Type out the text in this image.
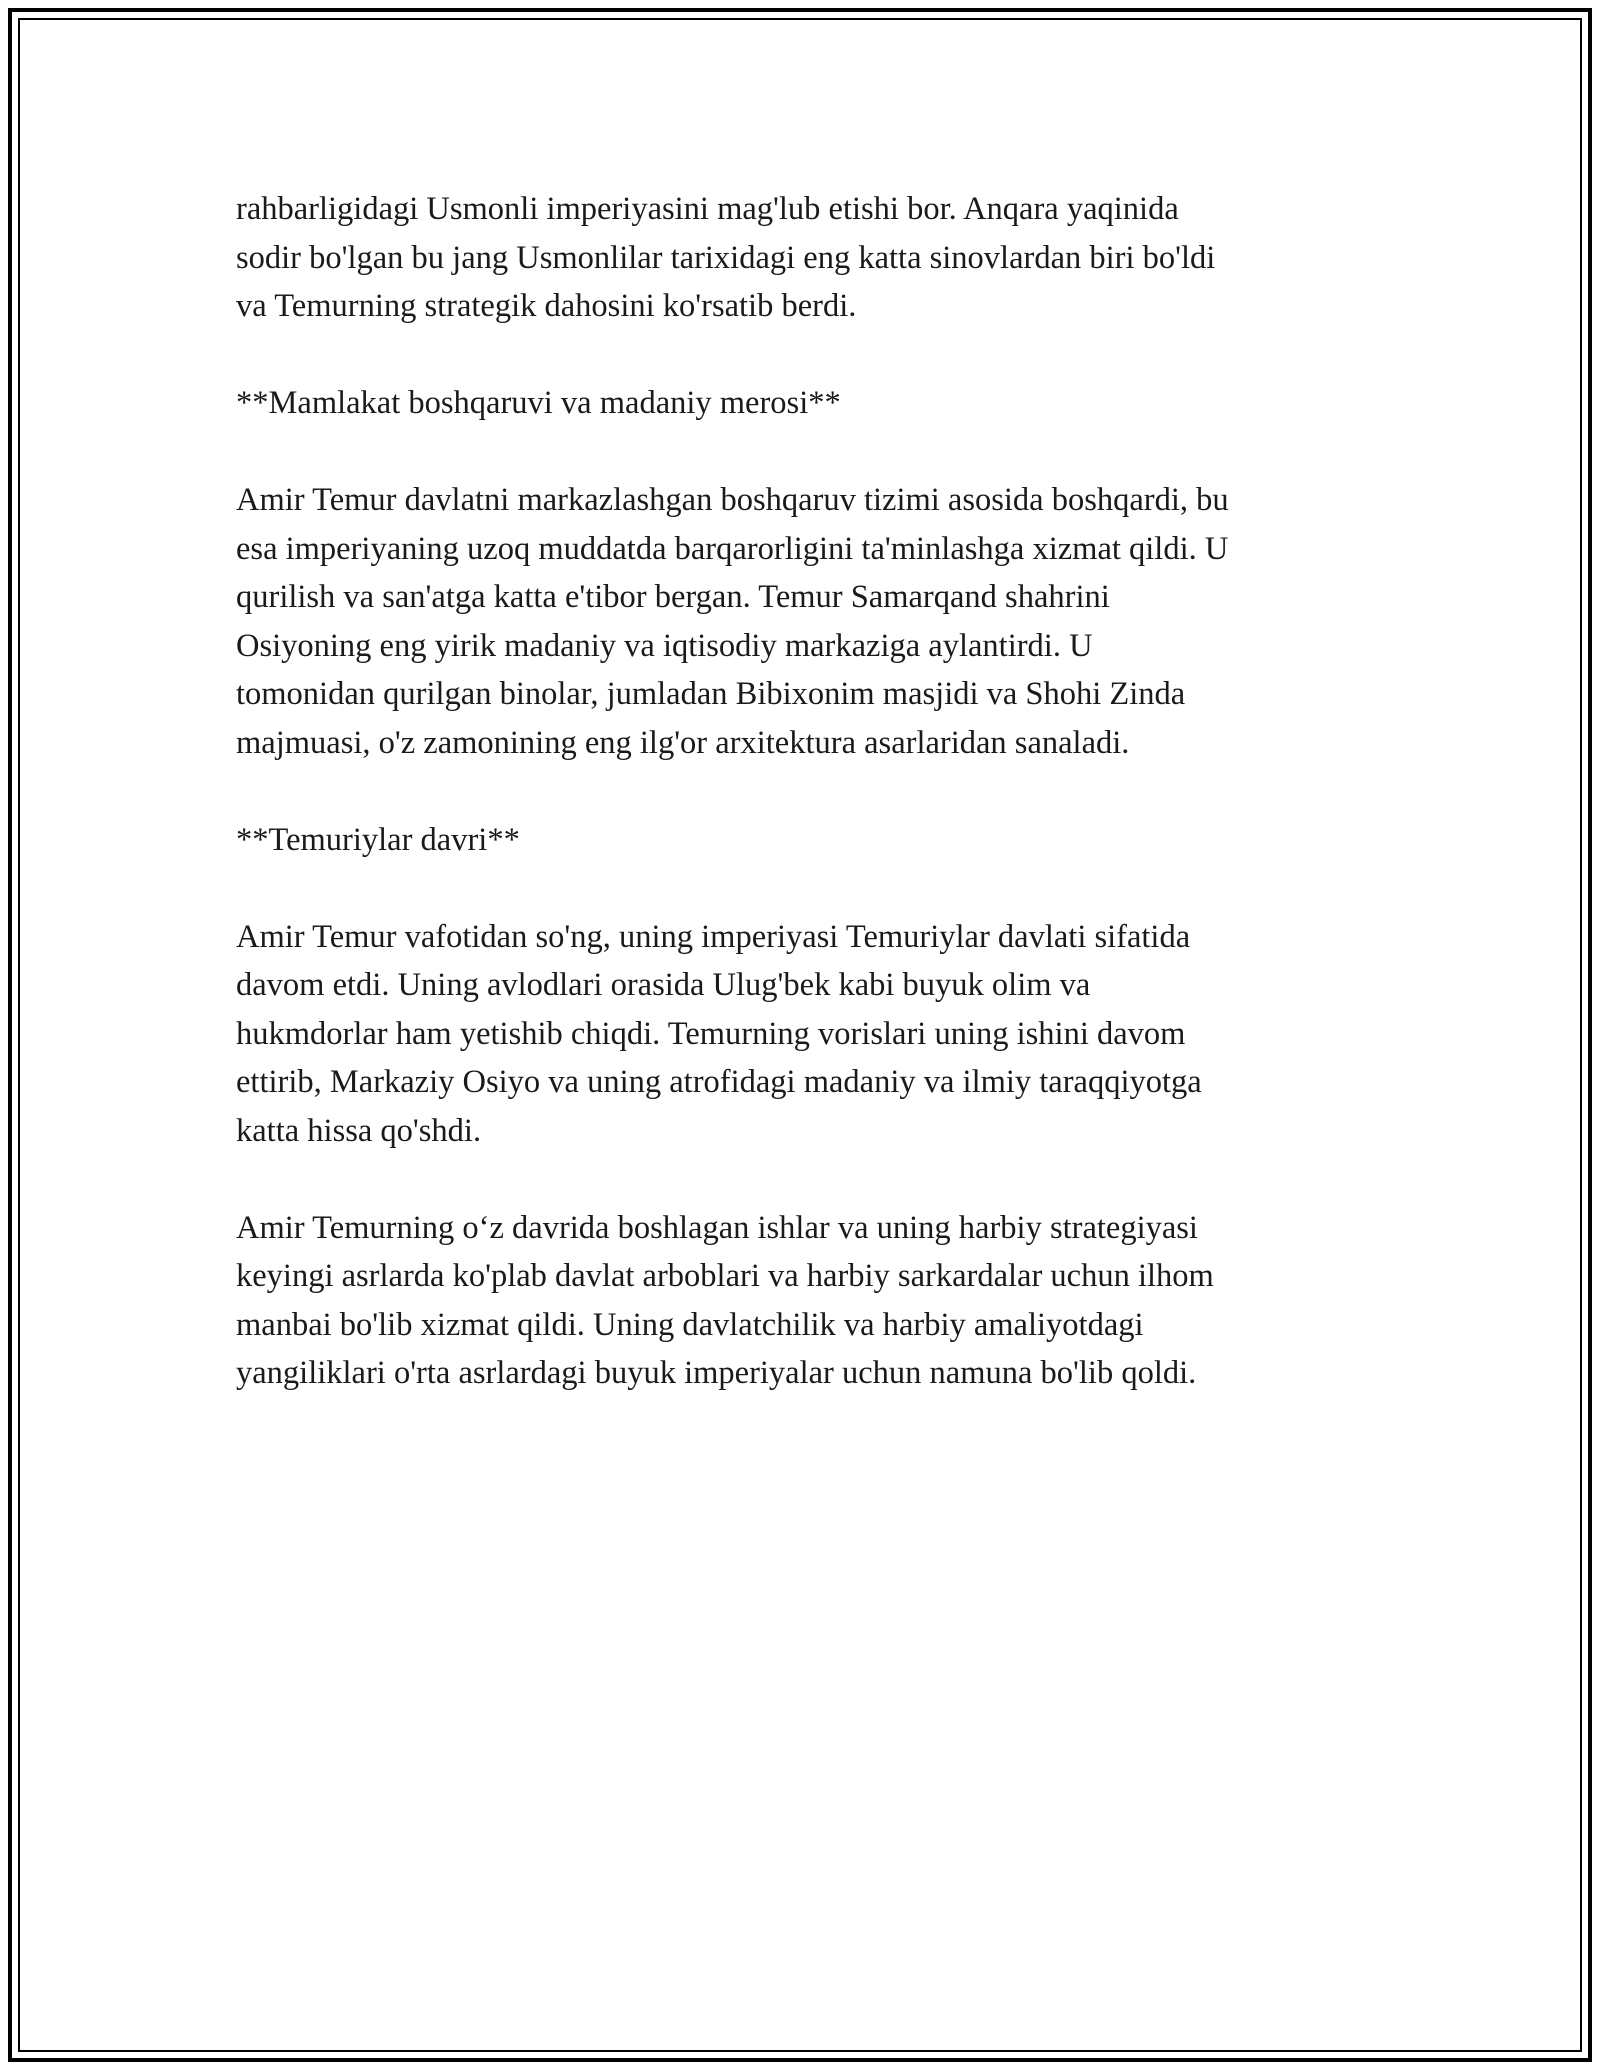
rahbarligidagi Usmonli imperiyasini mag'lub etishi bor. Anqara yaqinida
sodir bo'lgan bu jang Usmonlilar tarixidagi eng katta sinovlardan biri bo'ldi
va Temurning strategik dahosini ko'rsatib berdi.

**Mamlakat boshqaruvi va madaniy merosi**

Amir Temur davlatni markazlashgan boshqaruv tizimi asosida boshqardi, bu
esa imperiyaning uzoq muddatda barqarorligini ta'minlashga xizmat qildi. U
qurilish va san'atga katta e'tibor bergan. Temur Samarqand shahrini
Osiyoning eng yirik madaniy va iqtisodiy markaziga aylantirdi. U
tomonidan qurilgan binolar, jumladan Bibixonim masjidi va Shohi Zinda
majmuasi, o'z zamonining eng ilg'or arxitektura asarlaridan sanaladi.

**Temuriylar davri**

Amir Temur vafotidan so'ng, uning imperiyasi Temuriylar davlati sifatida
davom etdi. Uning avlodlari orasida Ulug'bek kabi buyuk olim va
hukmdorlar ham yetishib chiqdi. Temurning vorislari uning ishini davom
ettirib, Markaziy Osiyo va uning atrofidagi madaniy va ilmiy taraqqiyotga
katta hissa qo'shdi.

Amir Temurning o‘z davrida boshlagan ishlar va uning harbiy strategiyasi
keyingi asrlarda ko'plab davlat arboblari va harbiy sarkardalar uchun ilhom
manbai bo'lib xizmat qildi. Uning davlatchilik va harbiy amaliyotdagi
yangiliklari o'rta asrlardagi buyuk imperiyalar uchun namuna bo'lib qoldi.
